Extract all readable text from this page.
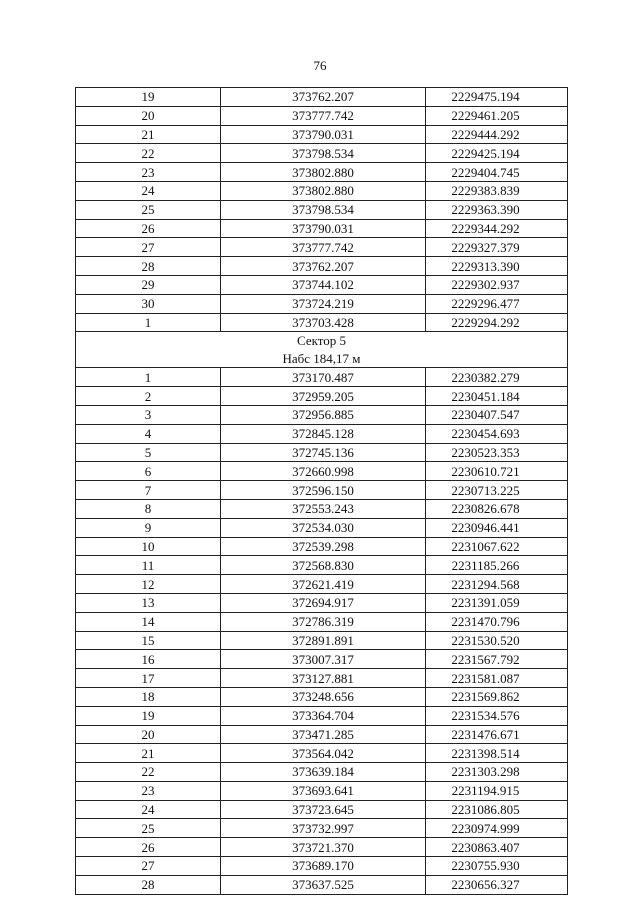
76
19	373762.207	2229475.194
20	373777.742	2229461.205
21	373790.031	2229444.292
22	373798.534	2229425.194
23	373802.880	2229404.745
24	373802.880	2229383.839
25	373798.534	2229363.390
26	373790.031	2229344.292
27	373777.742	2229327.379
28	373762.207	2229313.390
29	373744.102	2229302.937
30	373724.219	2229296.477
1	373703.428	2229294.292

Сектор 5
Набс 184,17 м		

1	373170.487	2230382.279
2	372959.205	2230451.184
3	372956.885	2230407.547
4	372845.128	2230454.693
5	372745.136	2230523.353
6	372660.998	2230610.721
7	372596.150	2230713.225
8	372553.243	2230826.678
9	372534.030	2230946.441
10	372539.298	2231067.622
11	372568.830	2231185.266
12	372621.419	2231294.568
13	372694.917	2231391.059
14	372786.319	2231470.796
15	372891.891	2231530.520
16	373007.317	2231567.792
17	373127.881	2231581.087
18	373248.656	2231569.862
19	373364.704	2231534.576
20	373471.285	2231476.671
21	373564.042	2231398.514
22	373639.184	2231303.298
23	373693.641	2231194.915
24	373723.645	2231086.805
25	373732.997	2230974.999
26	373721.370	2230863.407
27	373689.170	2230755.930
28	373637.525	2230656.327
